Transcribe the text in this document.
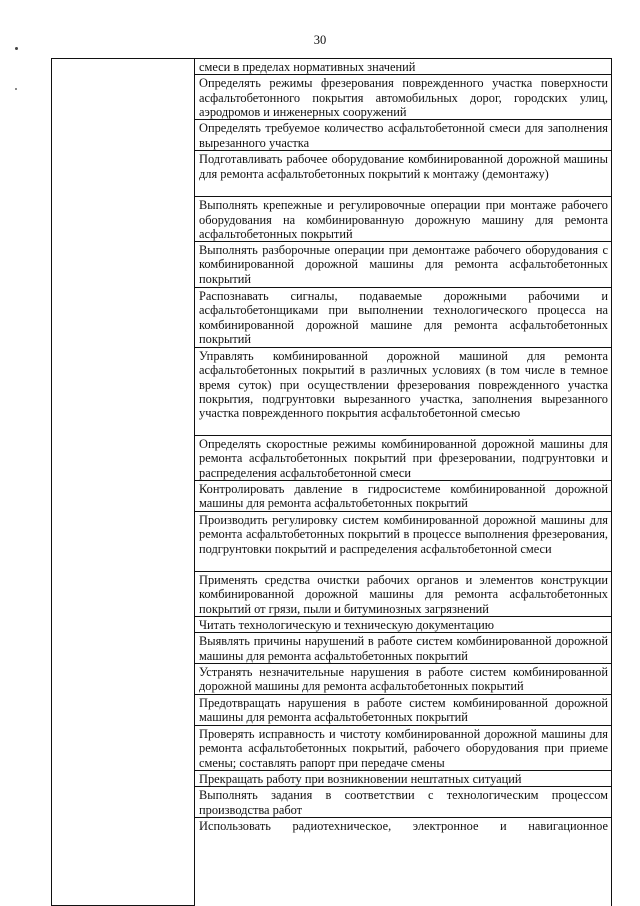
30
	смеси в пределах нормативных значений
Определять режимы фрезерования поврежденного участка поверхности асфальтобетонного покрытия автомобильных дорог, городских улиц, аэродромов и инженерных сооружений
Определять требуемое количество асфальтобетонной смеси для заполнения вырезанного участка
Подготавливать рабочее оборудование комбинированной дорожной машины для ремонта асфальтобетонных покрытий к монтажу (демонтажу)
Выполнять крепежные и регулировочные операции при монтаже рабочего оборудования на комбинированную дорожную машину для ремонта асфальтобетонных покрытий
Выполнять разборочные операции при демонтаже рабочего оборудования с комбинированной дорожной машины для ремонта асфальтобетонных покрытий
Распознавать сигналы, подаваемые дорожными рабочими и асфальтобетонщиками при выполнении технологического процесса на комбинированной дорожной машине для ремонта асфальтобетонных покрытий
Управлять комбинированной дорожной машиной для ремонта асфальтобетонных покрытий в различных условиях (в том числе в темное время суток) при осуществлении фрезерования поврежденного участка покрытия, подгрунтовки вырезанного участка, заполнения вырезанного участка поврежденного покрытия асфальтобетонной смесью
Определять скоростные режимы комбинированной дорожной машины для ремонта асфальтобетонных покрытий при фрезеровании, подгрунтовки и распределения асфальтобетонной смеси
Контролировать давление в гидросистеме комбинированной дорожной машины для ремонта асфальтобетонных покрытий
Производить регулировку систем комбинированной дорожной машины для ремонта асфальтобетонных покрытий в процессе выполнения фрезерования, подгрунтовки покрытий и распределения асфальтобетонной смеси
Применять средства очистки рабочих органов и элементов конструкции комбинированной дорожной машины для ремонта асфальтобетонных покрытий от грязи, пыли и битуминозных загрязнений
Читать технологическую и техническую документацию
Выявлять причины нарушений в работе систем комбинированной дорожной машины для ремонта асфальтобетонных покрытий
Устранять незначительные нарушения в работе систем комбинированной дорожной машины для ремонта асфальтобетонных покрытий
Предотвращать нарушения в работе систем комбинированной дорожной машины для ремонта асфальтобетонных покрытий
Проверять исправность и чистоту комбинированной дорожной машины для ремонта асфальтобетонных покрытий, рабочего оборудования при приеме смены; составлять рапорт при передаче смены
Прекращать работу при возникновении нештатных ситуаций
Выполнять задания в соответствии с технологическим процессом производства работ
Использовать радиотехническое, электронное и навигационное
